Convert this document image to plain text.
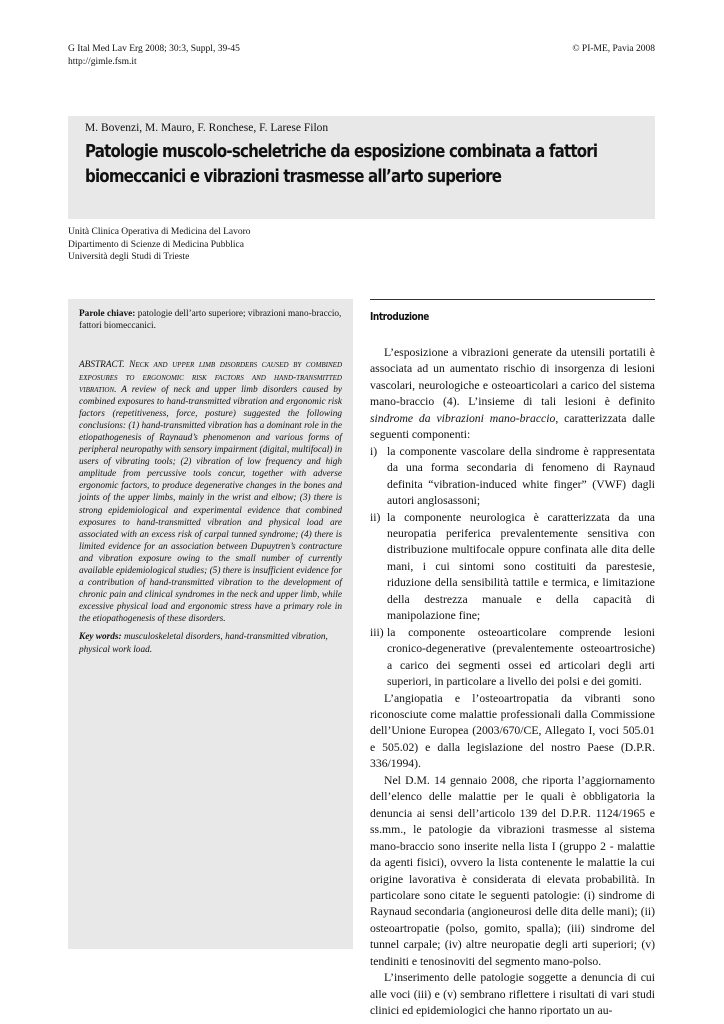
G Ital Med Lav Erg 2008; 30:3, Suppl, 39-45
http://gimle.fsm.it
© PI-ME, Pavia 2008
M. Bovenzi, M. Mauro, F. Ronchese, F. Larese Filon
Patologie muscolo-scheletriche da esposizione combinata a fattori
biomeccanici e vibrazioni trasmesse all’arto superiore
Unità Clinica Operativa di Medicina del Lavoro
Dipartimento di Scienze di Medicina Pubblica
Università degli Studi di Trieste

Parole chiave: patologie dell’arto superiore; vibrazioni mano-braccio, fattori biomeccanici.

ABSTRACT. Neck and upper limb disorders caused by combined exposures to ergonomic risk factors and hand-transmitted vibration. A review of neck and upper limb disorders caused by combined exposures to hand-transmitted vibration and ergonomic risk factors (repetitiveness, force, posture) suggested the following conclusions: (1) hand-transmitted vibration has a dominant role in the etiopathogenesis of Raynaud’s phenomenon and various forms of peripheral neuropathy with sensory impairment (digital, multifocal) in users of vibrating tools; (2) vibration of low frequency and high amplitude from percussive tools concur, together with adverse ergonomic factors, to produce degenerative changes in the bones and joints of the upper limbs, mainly in the wrist and elbow; (3) there is strong epidemiological and experimental evidence that combined exposures to hand-transmitted vibration and physical load are associated with an excess risk of carpal tunned syndrome; (4) there is limited evidence for an association between Dupuytren’s contracture and vibration exposure owing to the small number of currently available epidemiological studies; (5) there is insufficient evidence for a contribution of hand-transmitted vibration to the development of chronic pain and clinical syndromes in the neck and upper limb, while excessive physical load and ergonomic stress have a primary role in the etiopathogenesis of these disorders.

Key words: musculoskeletal disorders, hand-transmitted vibration, physical work load.

Introduzione

L’esposizione a vibrazioni generate da utensili portatili è associata ad un aumentato rischio di insorgenza di lesioni vascolari, neurologiche e osteoarticolari a carico del sistema mano-braccio (4). L’insieme di tali lesioni è definito sindrome da vibrazioni mano-braccio, caratterizzata dalle seguenti componenti:

i) la componente vascolare della sindrome è rappresentata da una forma secondaria di fenomeno di Raynaud definita “vibration-induced white finger” (VWF) dagli autori anglosassoni;
ii) la componente neurologica è caratterizzata da una neuropatia periferica prevalentemente sensitiva con distribuzione multifocale oppure confinata alle dita delle mani, i cui sintomi sono costituiti da parestesie, riduzione della sensibilità tattile e termica, e limitazione della destrezza manuale e della capacità di manipolazione fine;
iii) la componente osteoarticolare comprende lesioni cronico-degenerative (prevalentemente osteoartrosiche) a carico dei segmenti ossei ed articolari degli arti superiori, in particolare a livello dei polsi e dei gomiti.

L’angiopatia e l’osteoartropatia da vibranti sono riconosciute come malattie professionali dalla Commissione dell’Unione Europea (2003/670/CE, Allegato I, voci 505.01 e 505.02) e dalla legislazione del nostro Paese (D.P.R. 336/1994).

Nel D.M. 14 gennaio 2008, che riporta l’aggiornamento dell’elenco delle malattie per le quali è obbligatoria la denuncia ai sensi dell’articolo 139 del D.P.R. 1124/1965 e ss.mm., le patologie da vibrazioni trasmesse al sistema mano-braccio sono inserite nella lista I (gruppo 2 - malattie da agenti fisici), ovvero la lista contenente le malattie la cui origine lavorativa è considerata di elevata probabilità. In particolare sono citate le seguenti patologie: (i) sindrome di Raynaud secondaria (angioneurosi delle dita delle mani); (ii) osteoartropatie (polso, gomito, spalla); (iii) sindrome del tunnel carpale; (iv) altre neuropatie degli arti superiori; (v) tendiniti e tenosinoviti del segmento mano-polso.

L’inserimento delle patologie soggette a denuncia di cui alle voci (iii) e (v) sembrano riflettere i risultati di vari studi clinici ed epidemiologici che hanno riportato un au-
